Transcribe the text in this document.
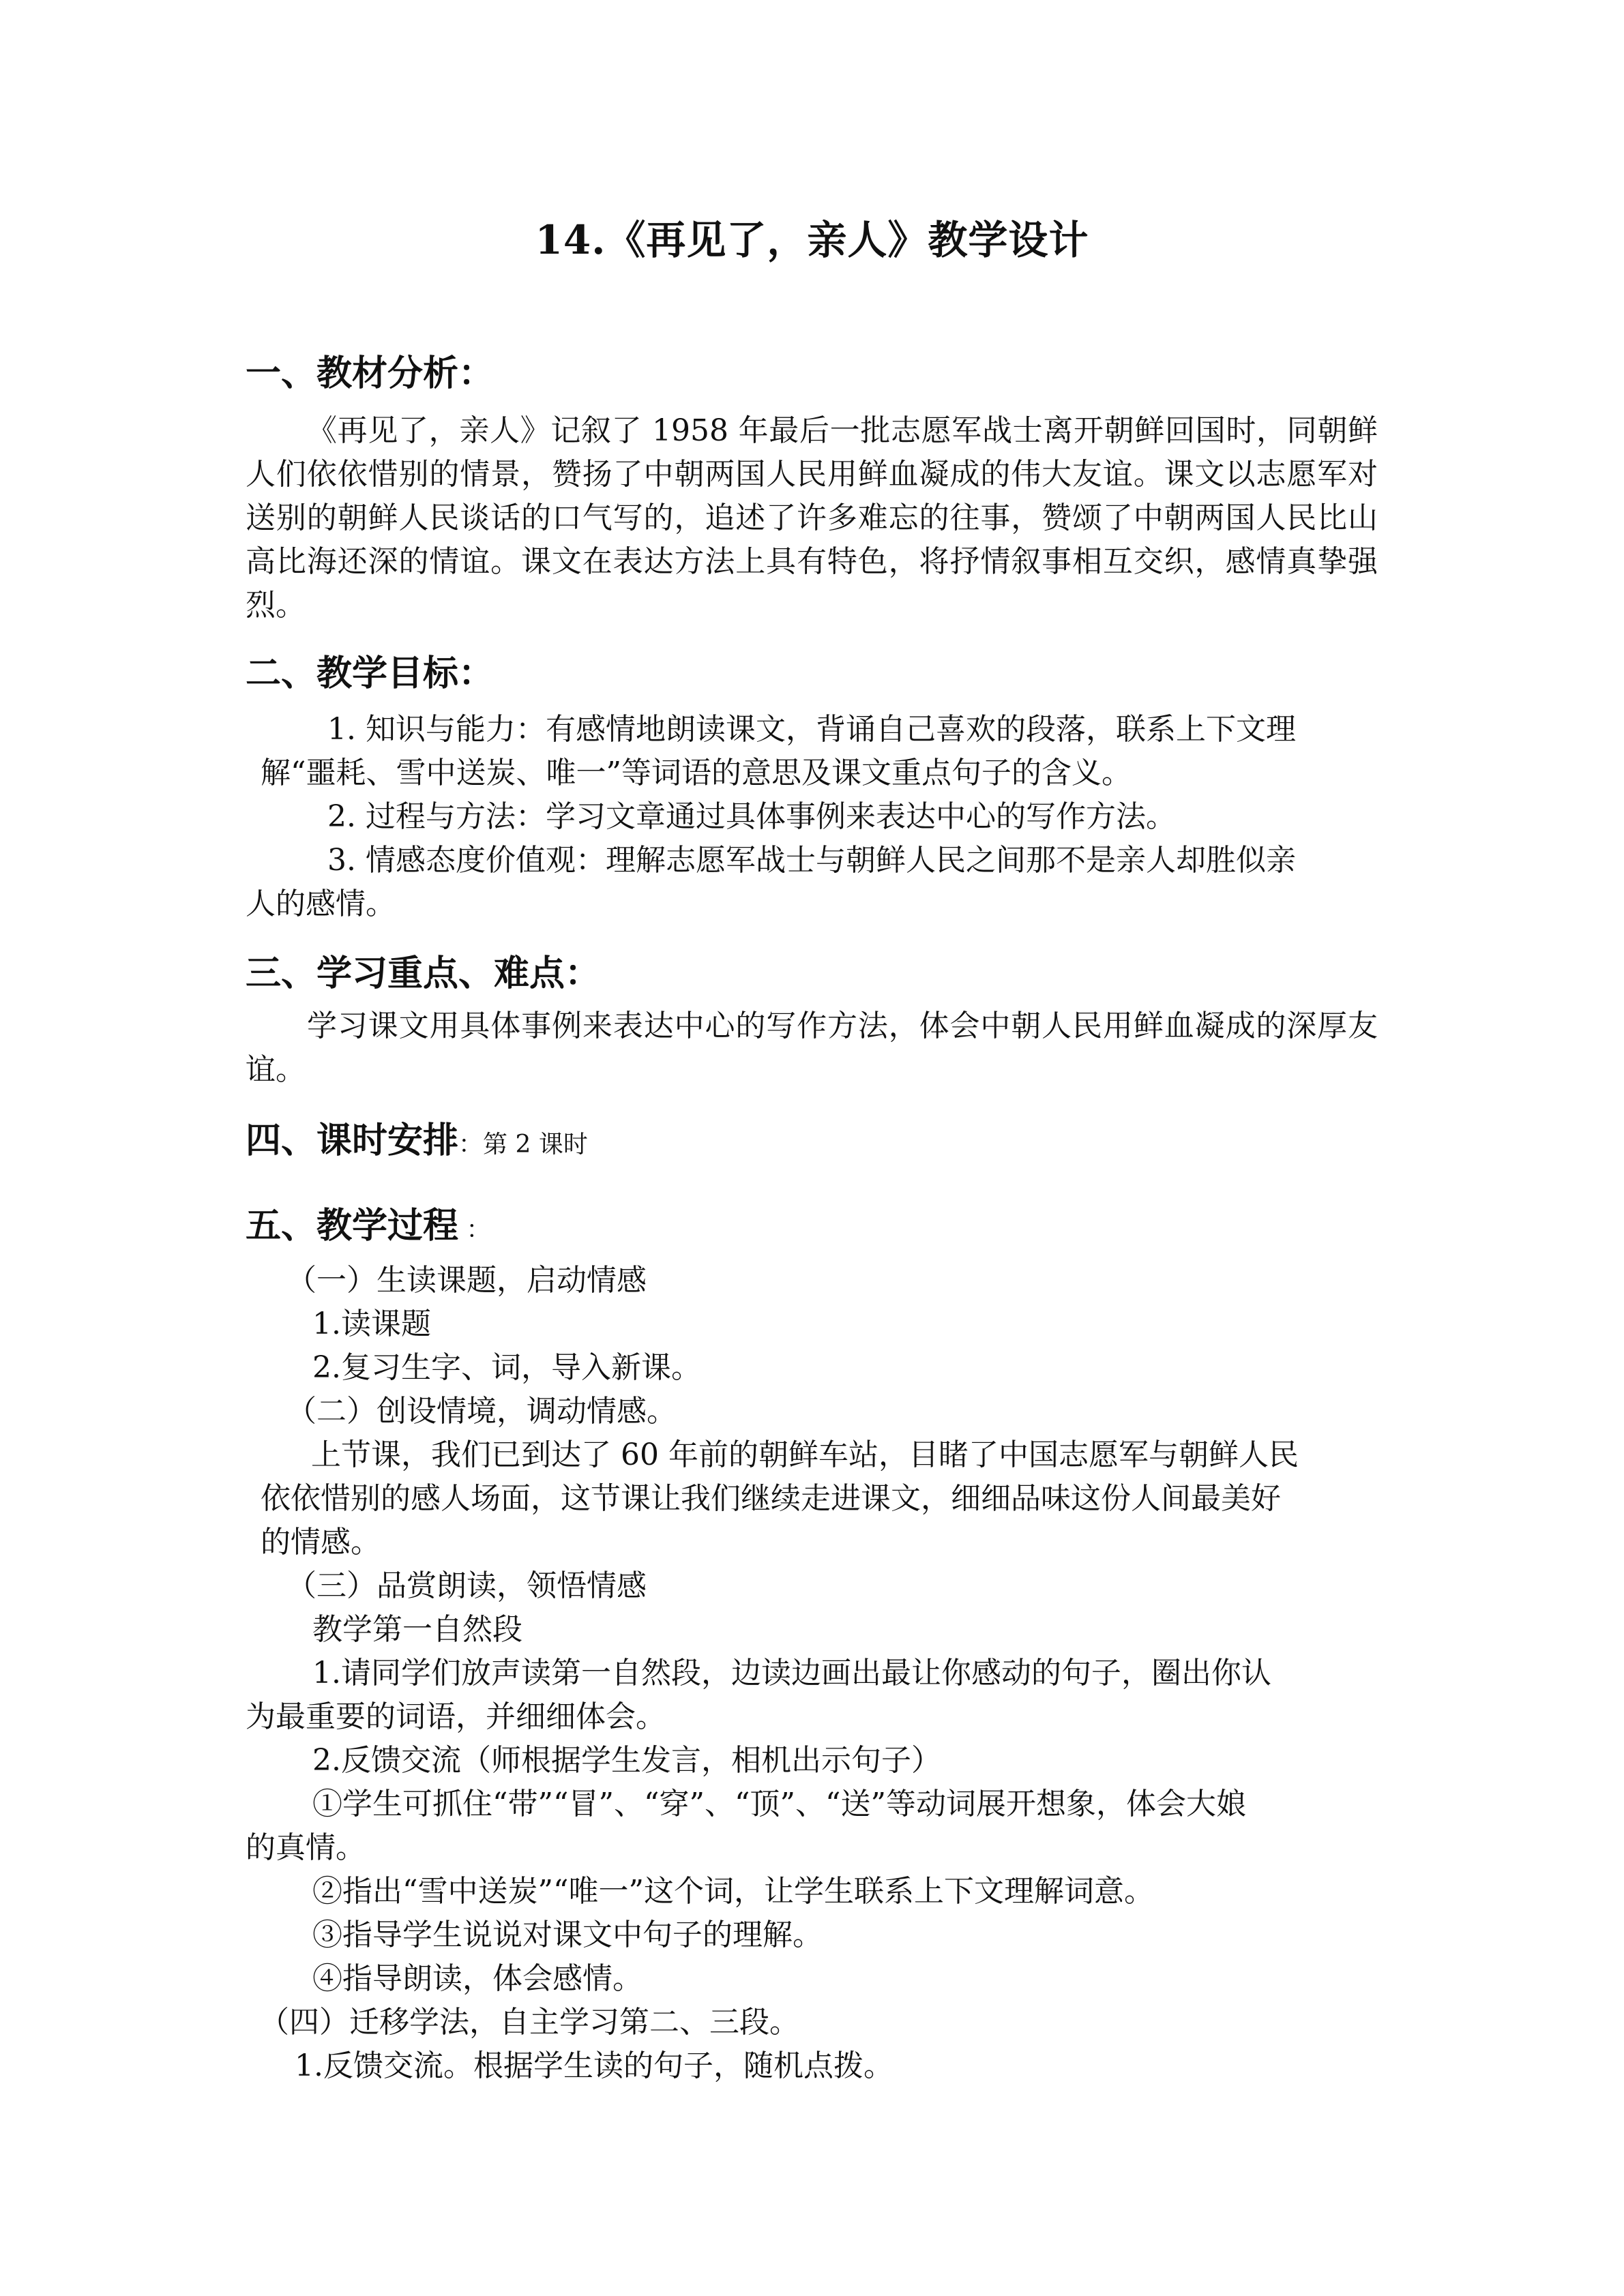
14.《再见了，亲人》教学设计
一、教材分析：

《再见了，亲人》记叙了 1958 年最后一批志愿军战士离开朝鲜回国时，同朝鲜人们依依惜别的情景，赞扬了中朝两国人民用鲜血凝成的伟大友谊。课文以志愿军对送别的朝鲜人民谈话的口气写的，追述了许多难忘的往事，赞颂了中朝两国人民比山高比海还深的情谊。课文在表达方法上具有特色，将抒情叙事相互交织，感情真挚强烈。

二、教学目标：
1. 知识与能力：有感情地朗读课文，背诵自己喜欢的段落，联系上下文理
解“噩耗、雪中送炭、唯一”等词语的意思及课文重点句子的含义。
2. 过程与方法：学习文章通过具体事例来表达中心的写作方法。
3. 情感态度价值观：理解志愿军战士与朝鲜人民之间那不是亲人却胜似亲
人的感情。
三、学习重点、难点：

学习课文用具体事例来表达中心的写作方法，体会中朝人民用鲜血凝成的深厚友谊。

四、课时安排：第 2 课时
五、教学过程 ：
（一）生读课题，启动情感
1.读课题
2.复习生字、词，导入新课。
（二）创设情境，调动情感。
上节课，我们已到达了 60 年前的朝鲜车站，目睹了中国志愿军与朝鲜人民
依依惜别的感人场面，这节课让我们继续走进课文，细细品味这份人间最美好
的情感。
（三）品赏朗读，领悟情感
教学第一自然段
1.请同学们放声读第一自然段，边读边画出最让你感动的句子，圈出你认
为最重要的词语，并细细体会。
2.反馈交流（师根据学生发言，相机出示句子）
①学生可抓住“带”“冒”、“穿”、“顶”、“送”等动词展开想象，体会大娘
的真情。
②指出“雪中送炭”“唯一”这个词，让学生联系上下文理解词意。
③指导学生说说对课文中句子的理解。
④指导朗读，体会感情。
（四）迁移学法，自主学习第二、三段。
1.反馈交流。根据学生读的句子，随机点拨。
